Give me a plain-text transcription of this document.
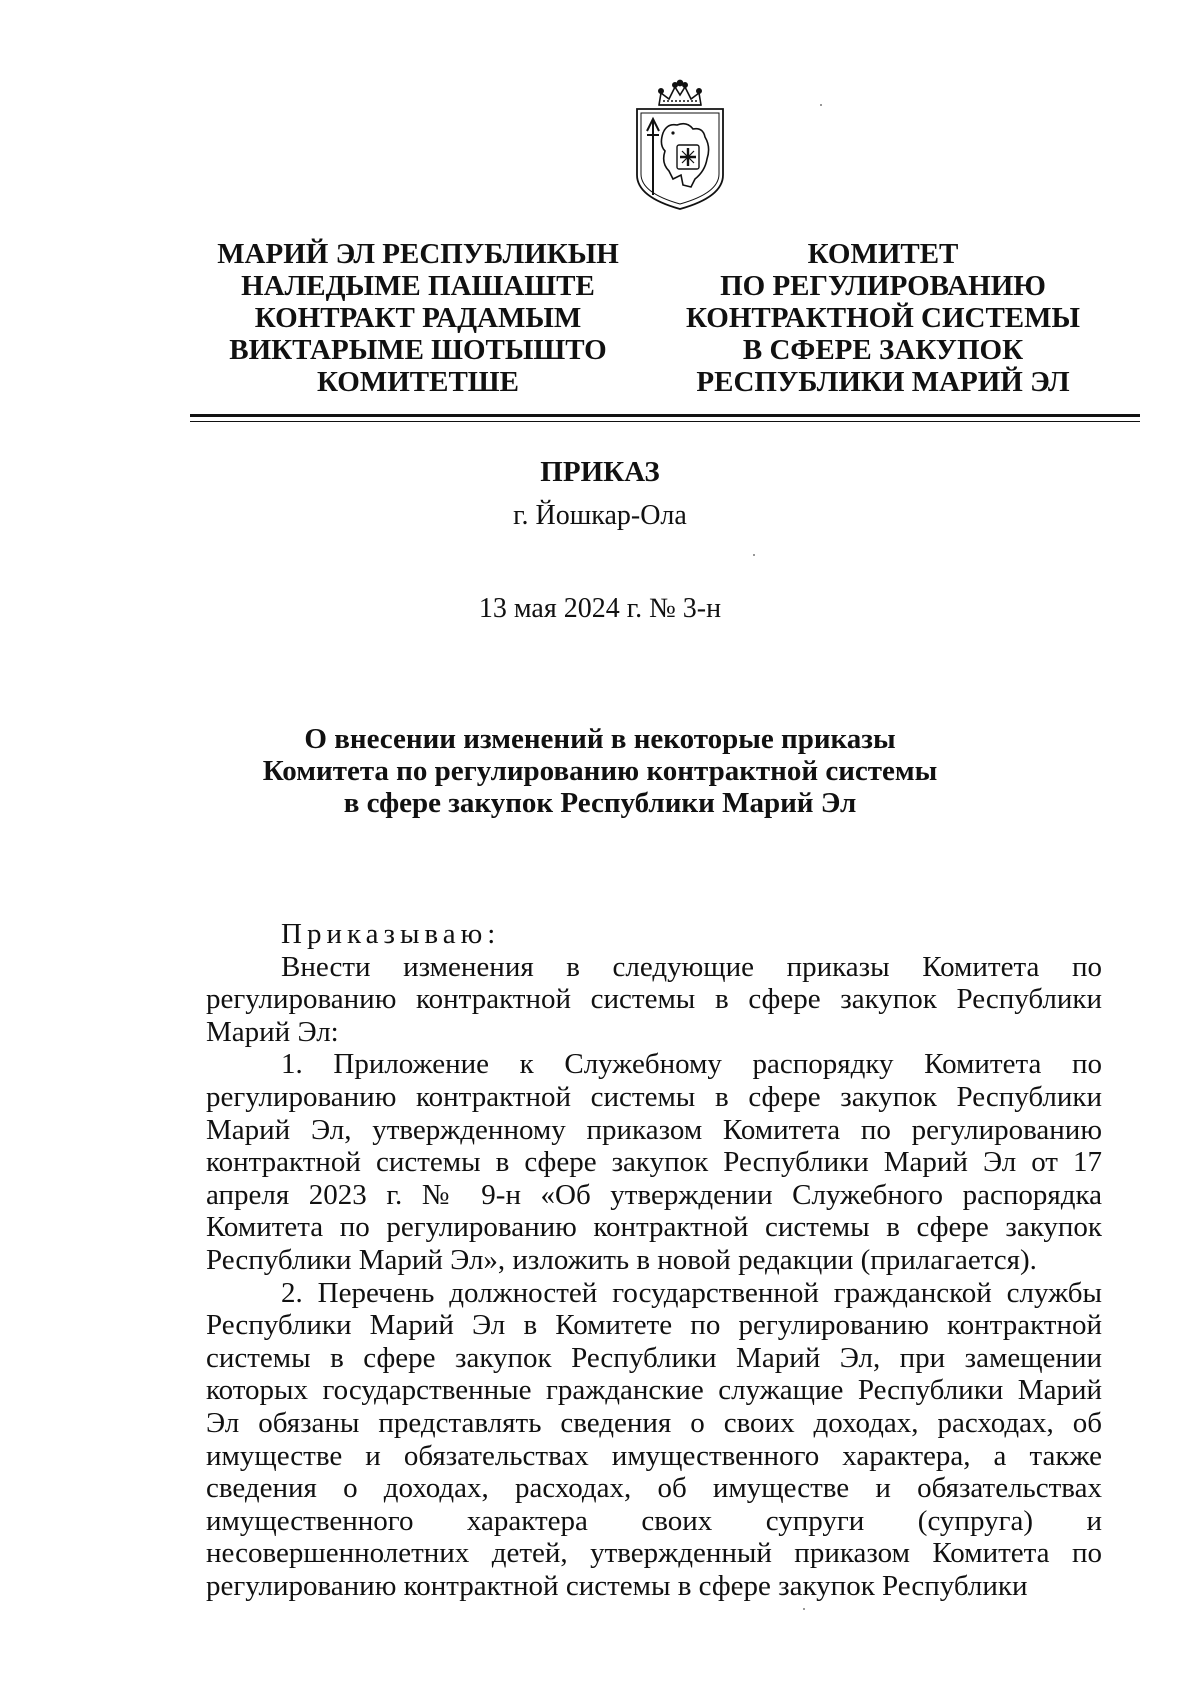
МАРИЙ ЭЛ РЕСПУБЛИКЫН
НАЛЕДЫМЕ ПАШАШТЕ
КОНТРАКТ РАДАМЫМ
ВИКТАРЫМЕ ШОТЫШТО
КОМИТЕТШЕ
КОМИТЕТ
ПО РЕГУЛИРОВАНИЮ
КОНТРАКТНОЙ СИСТЕМЫ
В СФЕРЕ ЗАКУПОК
РЕСПУБЛИКИ МАРИЙ ЭЛ
ПРИКАЗ
г. Йошкар-Ола
13 мая 2024 г. № 3-н
О внесении изменений в некоторые приказы
Комитета по регулированию контрактной системы
в сфере закупок Республики Марий Эл

Приказываю:

Внести изменения в следующие приказы Комитета по регулированию контрактной системы в сфере закупок Республики Марий Эл:

1. Приложение к Служебному распорядку Комитета по регулированию контрактной системы в сфере закупок Республики Марий Эл, утвержденному приказом Комитета по регулированию контрактной системы в сфере закупок Республики Марий Эл от 17 апреля 2023 г. № 9-н «Об утверждении Служебного распорядка Комитета по регулированию контрактной системы в сфере закупок Республики Марий Эл», изложить в новой редакции (прилагается).

2. Перечень должностей государственной гражданской службы Республики Марий Эл в Комитете по регулированию контрактной системы в сфере закупок Республики Марий Эл, при замещении которых государственные гражданские служащие Республики Марий Эл обязаны представлять сведения о своих доходах, расходах, об имуществе и обязательствах имущественного характера, а также сведения о доходах, расходах, об имуществе и обязательствах имущественного характера своих супруги (супруга) и несовершеннолетних детей, утвержденный приказом Комитета по регулированию контрактной системы в сфере закупок Республики
